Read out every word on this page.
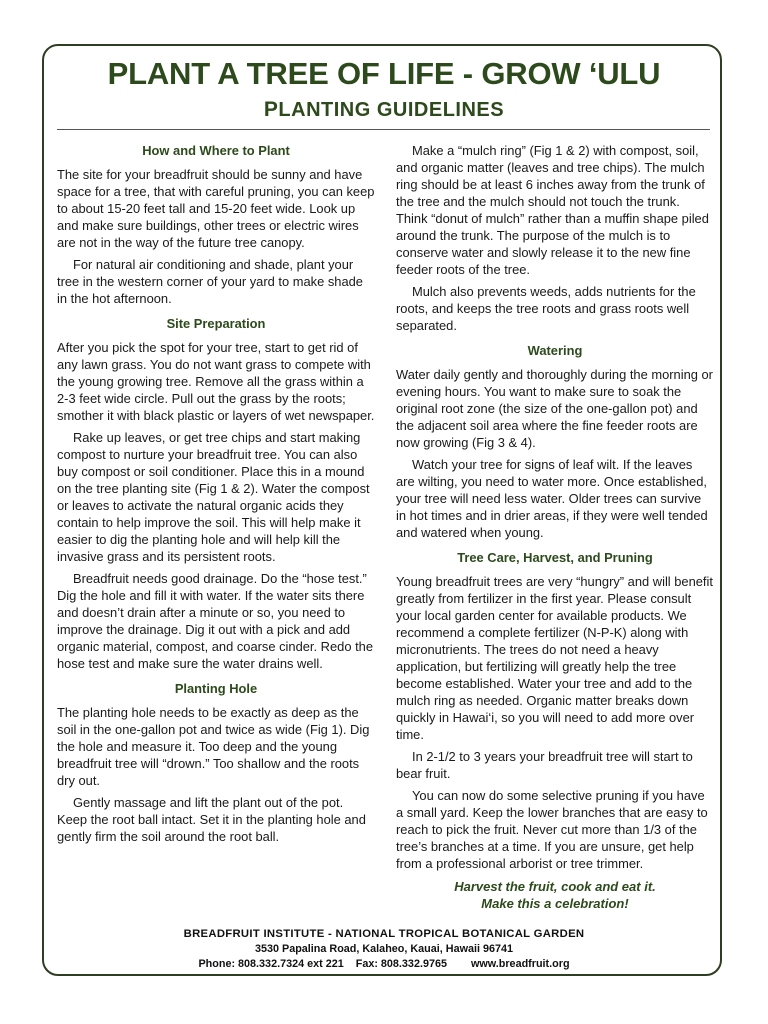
PLANT A TREE OF LIFE - GROW ‘ULU
PLANTING GUIDELINES
How and Where to Plant

The site for your breadfruit should be sunny and have space for a tree, that with careful pruning, you can keep to about 15-20 feet tall and 15-20 feet wide. Look up and make sure buildings, other trees or electric wires are not in the way of the future tree canopy.

For natural air conditioning and shade, plant your tree in the western corner of your yard to make shade in the hot afternoon.

Site Preparation

After you pick the spot for your tree, start to get rid of any lawn grass. You do not want grass to compete with the young growing tree. Remove all the grass within a 2-3 feet wide circle. Pull out the grass by the roots; smother it with black plastic or layers of wet newspaper.

Rake up leaves, or get tree chips and start making compost to nurture your breadfruit tree. You can also buy compost or soil conditioner. Place this in a mound on the tree planting site (Fig 1 & 2). Water the compost or leaves to activate the natural organic acids they contain to help improve the soil. This will help make it easier to dig the planting hole and will help kill the invasive grass and its persistent roots.

Breadfruit needs good drainage. Do the “hose test.” Dig the hole and fill it with water. If the water sits there and doesn’t drain after a minute or so, you need to improve the drainage. Dig it out with a pick and add organic material, compost, and coarse cinder. Redo the hose test and make sure the water drains well.

Planting Hole

The planting hole needs to be exactly as deep as the soil in the one-gallon pot and twice as wide (Fig 1). Dig the hole and measure it. Too deep and the young breadfruit tree will “drown.” Too shallow and the roots dry out.

Gently massage and lift the plant out of the pot. Keep the root ball intact. Set it in the planting hole and gently firm the soil around the root ball.

Make a “mulch ring” (Fig 1 & 2) with compost, soil, and organic matter (leaves and tree chips). The mulch ring should be at least 6 inches away from the trunk of the tree and the mulch should not touch the trunk. Think “donut of mulch” rather than a muffin shape piled around the trunk. The purpose of the mulch is to conserve water and slowly release it to the new fine feeder roots of the tree.

Mulch also prevents weeds, adds nutrients for the roots, and keeps the tree roots and grass roots well separated.

Watering

Water daily gently and thoroughly during the morning or evening hours. You want to make sure to soak the original root zone (the size of the one-gallon pot) and the adjacent soil area where the fine feeder roots are now growing (Fig 3 & 4).

Watch your tree for signs of leaf wilt. If the leaves are wilting, you need to water more. Once established, your tree will need less water. Older trees can survive in hot times and in drier areas, if they were well tended and watered when young.

Tree Care, Harvest, and Pruning

Young breadfruit trees are very “hungry” and will benefit greatly from fertilizer in the first year. Please consult your local garden center for available products. We recommend a complete fertilizer (N-P-K) along with micronutrients. The trees do not need a heavy application, but fertilizing will greatly help the tree become established. Water your tree and add to the mulch ring as needed. Organic matter breaks down quickly in Hawai‘i, so you will need to add more over time.

In 2-1/2 to 3 years your breadfruit tree will start to bear fruit.

You can now do some selective pruning if you have a small yard. Keep the lower branches that are easy to reach to pick the fruit. Never cut more than 1/3 of the tree’s branches at a time. If you are unsure, get help from a professional arborist or tree trimmer.

Harvest the fruit, cook and eat it.
Make this a celebration!
BREADFRUIT INSTITUTE - NATIONAL TROPICAL BOTANICAL GARDEN
3530 Papalina Road, Kalaheo, Kauai, Hawaii 96741
Phone: 808.332.7324 ext 221 Fax: 808.332.9765 www.breadfruit.org
